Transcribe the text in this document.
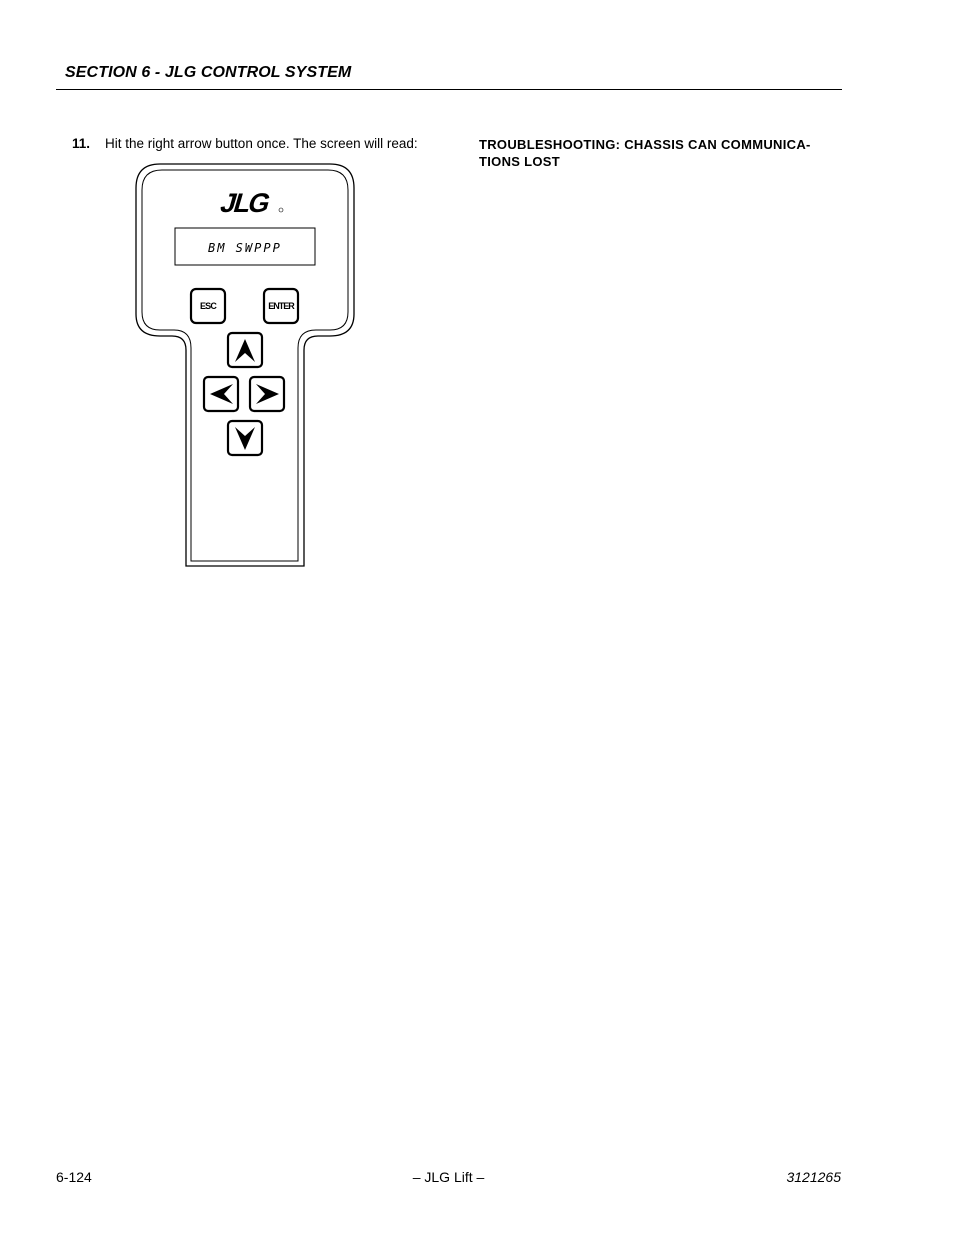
SECTION 6 - JLG CONTROL SYSTEM
11. Hit the right arrow button once. The screen will read:	TROUBLESHOOTING: CHASSIS CAN COMMUNICA-
TIONS LOST
JLG
BM SWPPP
ESC	ENTER
6-124	– JLG Lift –	3121265
